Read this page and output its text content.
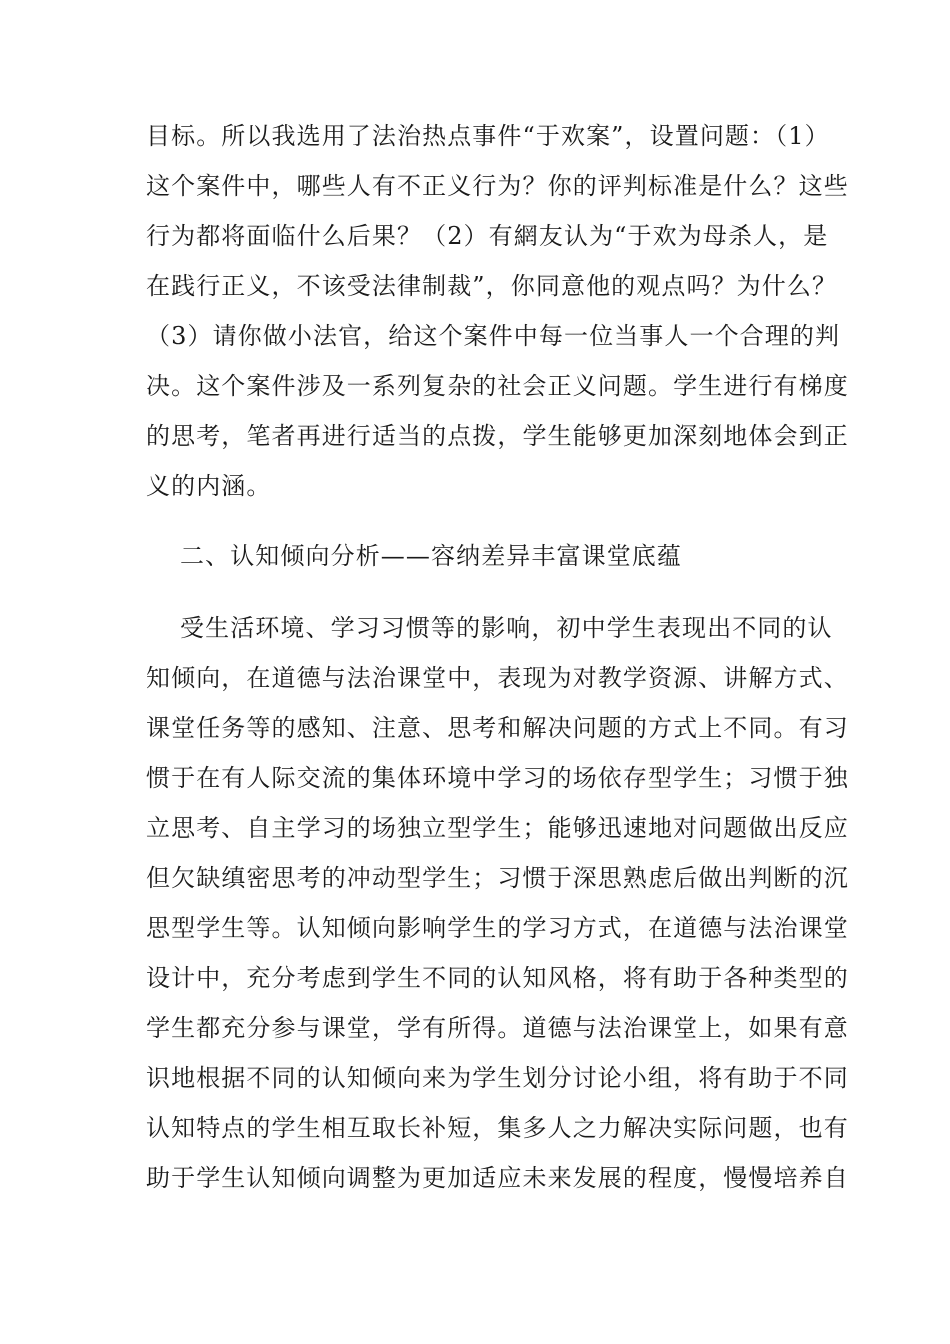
目标。所以我选用了法治热点事件“于欢案”，设置问题：（1）
这个案件中，哪些人有不正义行为？你的评判标准是什么？这些
行为都将面临什么后果？（2）有網友认为“于欢为母杀人，是
在践行正义，不该受法律制裁”，你同意他的观点吗？为什么？
（3）请你做小法官，给这个案件中每一位当事人一个合理的判
决。这个案件涉及一系列复杂的社会正义问题。学生进行有梯度
的思考，笔者再进行适当的点拨，学生能够更加深刻地体会到正
义的内涵。
二、认知倾向分析——容纳差异丰富课堂底蕴
受生活环境、学习习惯等的影响，初中学生表现出不同的认
知倾向，在道德与法治课堂中，表现为对教学资源、讲解方式、
课堂任务等的感知、注意、思考和解决问题的方式上不同。有习
惯于在有人际交流的集体环境中学习的场依存型学生；习惯于独
立思考、自主学习的场独立型学生；能够迅速地对问题做出反应
但欠缺缜密思考的冲动型学生；习惯于深思熟虑后做出判断的沉
思型学生等。认知倾向影响学生的学习方式，在道德与法治课堂
设计中，充分考虑到学生不同的认知风格，将有助于各种类型的
学生都充分参与课堂，学有所得。道德与法治课堂上，如果有意
识地根据不同的认知倾向来为学生划分讨论小组，将有助于不同
认知特点的学生相互取长补短，集多人之力解决实际问题，也有
助于学生认知倾向调整为更加适应未来发展的程度，慢慢培养自
